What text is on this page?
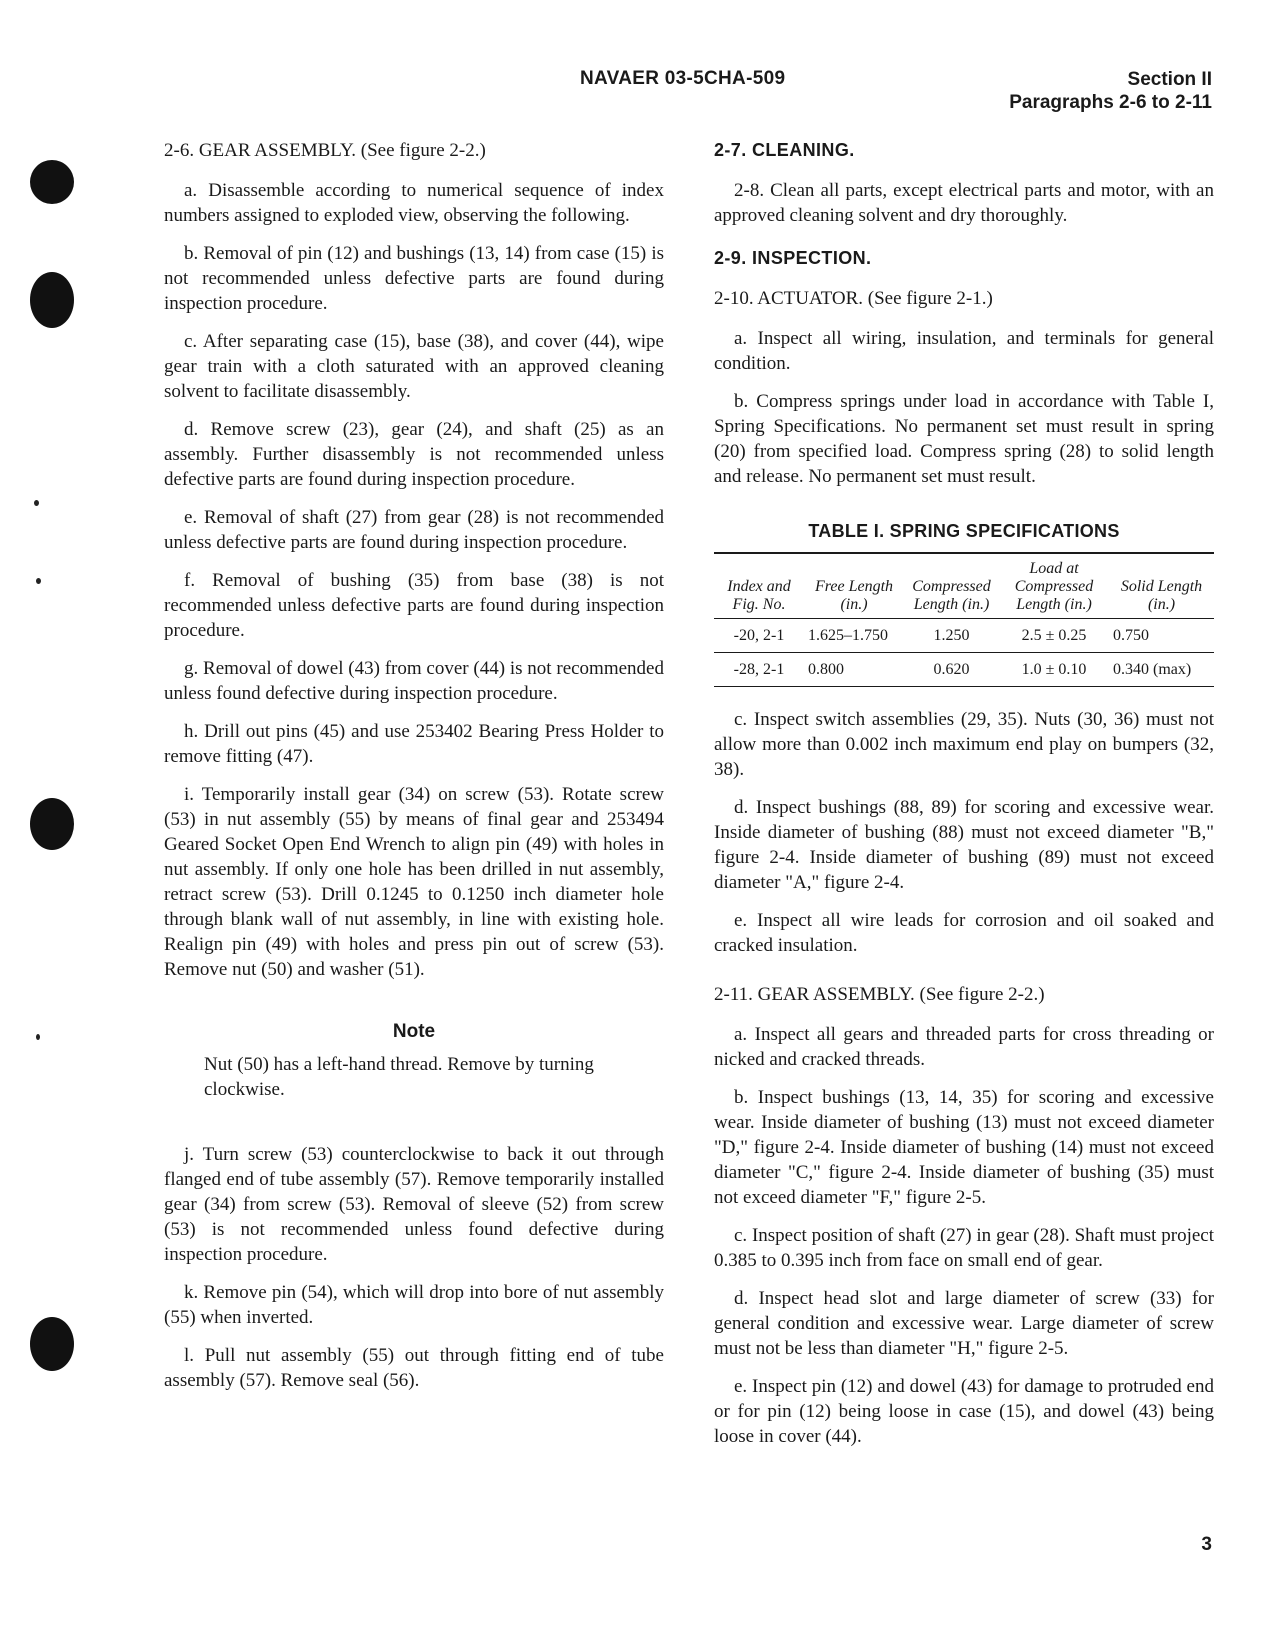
NAVAER 03-5CHA-509	Section II
Paragraphs 2-6 to 2-11

2-6. GEAR ASSEMBLY. (See figure 2-2.)

a. Disassemble according to numerical sequence of index numbers assigned to exploded view, observing the following.

b. Removal of pin (12) and bushings (13, 14) from case (15) is not recommended unless defective parts are found during inspection procedure.

c. After separating case (15), base (38), and cover (44), wipe gear train with a cloth saturated with an approved cleaning solvent to facilitate disassembly.

d. Remove screw (23), gear (24), and shaft (25) as an assembly. Further disassembly is not recommended unless defective parts are found during inspection procedure.

e. Removal of shaft (27) from gear (28) is not recommended unless defective parts are found during inspection procedure.

f. Removal of bushing (35) from base (38) is not recommended unless defective parts are found during inspection procedure.

g. Removal of dowel (43) from cover (44) is not recommended unless found defective during inspection procedure.

h. Drill out pins (45) and use 253402 Bearing Press Holder to remove fitting (47).

i. Temporarily install gear (34) on screw (53). Rotate screw (53) in nut assembly (55) by means of final gear and 253494 Geared Socket Open End Wrench to align pin (49) with holes in nut assembly. If only one hole has been drilled in nut assembly, retract screw (53). Drill 0.1245 to 0.1250 inch diameter hole through blank wall of nut assembly, in line with existing hole. Realign pin (49) with holes and press pin out of screw (53). Remove nut (50) and washer (51).

Note

Nut (50) has a left-hand thread. Remove by turning clockwise.

j. Turn screw (53) counterclockwise to back it out through flanged end of tube assembly (57). Remove temporarily installed gear (34) from screw (53). Removal of sleeve (52) from screw (53) is not recommended unless found defective during inspection procedure.

k. Remove pin (54), which will drop into bore of nut assembly (55) when inverted.

l. Pull nut assembly (55) out through fitting end of tube assembly (57). Remove seal (56).

2-7. CLEANING.

2-8. Clean all parts, except electrical parts and motor, with an approved cleaning solvent and dry thoroughly.

2-9. INSPECTION.

2-10. ACTUATOR. (See figure 2-1.)

a. Inspect all wiring, insulation, and terminals for general condition.

b. Compress springs under load in accordance with Table I, Spring Specifications. No permanent set must result in spring (20) from specified load. Compress spring (28) to solid length and release. No permanent set must result.

TABLE I. SPRING SPECIFICATIONS
Index and Fig. No.	Free Length (in.)	Compressed Length (in.)	Load at Compressed Length (in.)	Solid Length (in.)
-20, 2-1	1.625–1.750	1.250	2.5 ± 0.25	0.750
-28, 2-1	0.800	0.620	1.0 ± 0.10	0.340 (max)

c. Inspect switch assemblies (29, 35). Nuts (30, 36) must not allow more than 0.002 inch maximum end play on bumpers (32, 38).

d. Inspect bushings (88, 89) for scoring and excessive wear. Inside diameter of bushing (88) must not exceed diameter "B," figure 2-4. Inside diameter of bushing (89) must not exceed diameter "A," figure 2-4.

e. Inspect all wire leads for corrosion and oil soaked and cracked insulation.

2-11. GEAR ASSEMBLY. (See figure 2-2.)

a. Inspect all gears and threaded parts for cross threading or nicked and cracked threads.

b. Inspect bushings (13, 14, 35) for scoring and excessive wear. Inside diameter of bushing (13) must not exceed diameter "D," figure 2-4. Inside diameter of bushing (14) must not exceed diameter "C," figure 2-4. Inside diameter of bushing (35) must not exceed diameter "F," figure 2-5.

c. Inspect position of shaft (27) in gear (28). Shaft must project 0.385 to 0.395 inch from face on small end of gear.

d. Inspect head slot and large diameter of screw (33) for general condition and excessive wear. Large diameter of screw must not be less than diameter "H," figure 2-5.

e. Inspect pin (12) and dowel (43) for damage to protruded end or for pin (12) being loose in case (15), and dowel (43) being loose in cover (44).

3
